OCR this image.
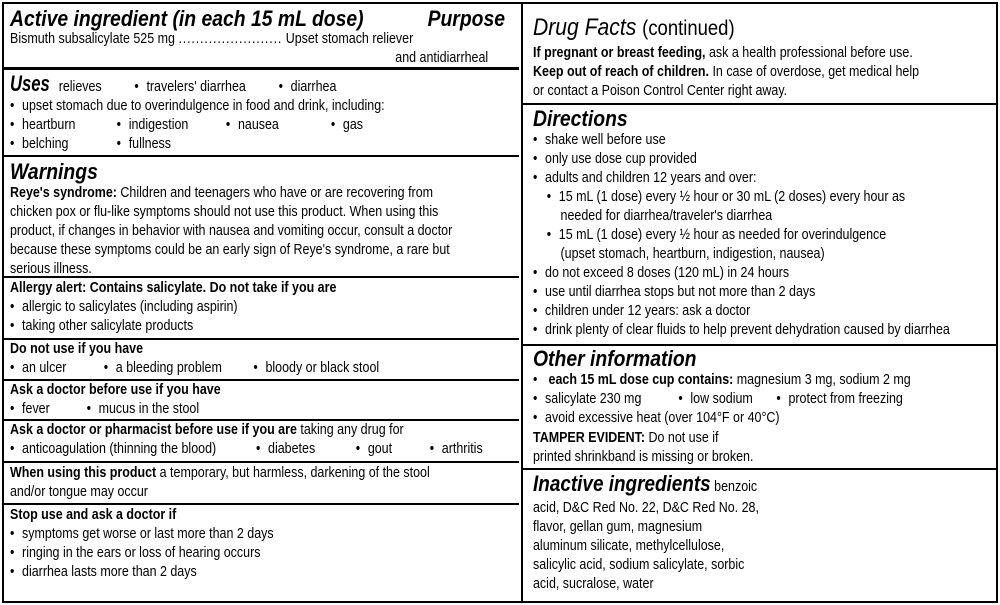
Active ingredient (in each 15 mL dose)	Purpose
Bismuth subsalicylate 525 mg ........................ Upset stomach reliever
and antidiarrheal
Uses relieves	• travelers' diarrhea	• diarrhea
• upset stomach due to overindulgence in food and drink, including:
• heartburn	• indigestion	• nausea	• gas
• belching	• fullness
Warnings
Reye's syndrome: Children and teenagers who have or are recovering from
chicken pox or flu-like symptoms should not use this product. When using this
product, if changes in behavior with nausea and vomiting occur, consult a doctor
because these symptoms could be an early sign of Reye's syndrome, a rare but
serious illness.
Allergy alert: Contains salicylate. Do not take if you are
• allergic to salicylates (including aspirin)
• taking other salicylate products
Do not use if you have
• an ulcer	• a bleeding problem	• bloody or black stool
Ask a doctor before use if you have
• fever	• mucus in the stool
Ask a doctor or pharmacist before use if you are taking any drug for
• anticoagulation (thinning the blood)	• diabetes	• gout	• arthritis
When using this product a temporary, but harmless, darkening of the stool
and/or tongue may occur
Stop use and ask a doctor if
• symptoms get worse or last more than 2 days
• ringing in the ears or loss of hearing occurs
• diarrhea lasts more than 2 days
Drug Facts (continued)
If pregnant or breast feeding, ask a health professional before use.
Keep out of reach of children. In case of overdose, get medical help
or contact a Poison Control Center right away.
Directions
• shake well before use
• only use dose cup provided
• adults and children 12 years and over:
• 15 mL (1 dose) every ½ hour or 30 mL (2 doses) every hour as
needed for diarrhea/traveler's diarrhea
• 15 mL (1 dose) every ½ hour as needed for overindulgence
(upset stomach, heartburn, indigestion, nausea)
• do not exceed 8 doses (120 mL) in 24 hours
• use until diarrhea stops but not more than 2 days
• children under 12 years: ask a doctor
• drink plenty of clear fluids to help prevent dehydration caused by diarrhea
Other information
• each 15 mL dose cup contains: magnesium 3 mg, sodium 2 mg
• salicylate 230 mg	• low sodium • protect from freezing
• avoid excessive heat (over 104°F or 40°C)
TAMPER EVIDENT: Do not use if
printed shrinkband is missing or broken.
Inactive ingredients benzoic
acid, D&C Red No. 22, D&C Red No. 28,
flavor, gellan gum, magnesium
aluminum silicate, methylcellulose,
salicylic acid, sodium salicylate, sorbic
acid, sucralose, water
